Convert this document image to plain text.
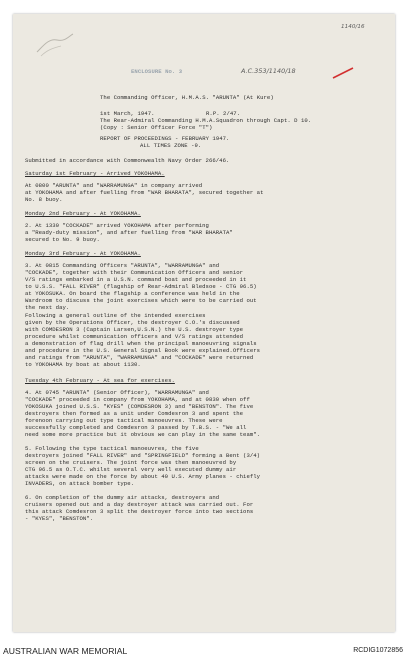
1140/16
ENCLOSURE No. 3	A.C.353/1140/18
The Commanding Officer, H.M.A.S. "ARUNTA" (At Kure)
1st March, 1947.	R.P. 2/47.
The Rear-Admiral Commanding H.M.A.Squadron through Capt. D 10.
(Copy : Senior Officer Force "T")
REPORT OF PROCEEDINGS - FEBRUARY 1947.
ALL TIMES ZONE -9.
Submitted in accordance with Commonwealth Navy Order 266/46.
Saturday 1st February - Arrived YOKOHAMA.
At 0800 "ARUNTA" and "WARRAMUNGA" in company arrived
at YOKOHAMA and after fuelling from "WAR BHARATA", secured together at
No. 8 buoy.
Monday 2nd February - At YOKOHAMA.
2. At 1330 "COCKADE" arrived YOKOHAMA after performing
a "Ready-duty mission", and after fuelling from "WAR BHARATA"
secured to No. 9 buoy.
Monday 3rd February - At YOKOHAMA.
3. At 0815 Commanding Officers "ARUNTA", "WARRAMUNGA" and
"COCKADE", together with their Communication Officers and senior
V/S ratings embarked in a U.S.N. command boat and proceeded in it
to U.S.S. "FALL RIVER" (flagship of Rear-Admiral Bledsoe - CTG 96.5)
at YOKOSUKA. On board the flagship a conference was held in the
Wardroom to discuss the joint exercises which were to be carried out
the next day.
Following a general outline of the intended exercises
given by the Operations Officer, the destroyer C.O.'s discussed
with COMDESRON 3 (Captain Larsen,U.S.N.) the U.S. destroyer type
procedure whilst communication officers and V/S ratings attended
a demonstration of flag drill when the principal manoeuvring signals
and procedure in the U.S. General Signal Book were explained.Officers
and ratings from "ARUNTA", "WARRAMUNGA" and "COCKADE" were returned
to YOKOHAMA by boat at about 1130.
Tuesday 4th February - At sea for exercises.
4. At 0745 "ARUNTA" (Senior Officer), "WARRAMUNGA" and
"COCKADE" proceeded in company from YOKOHAMA, and at 0830 when off
YOKOSUKA joined U.S.S. "KYES" (COMDESRON 3) and "BENSTON". The five
destroyers then formed as a unit under Comdesron 3 and spent the
forenoon carrying out type tactical manoeuvres. These were
successfully completed and Comdesron 3 passed by T.B.S. - "We all
need some more practice but it obvious we can play in the same team".
5. Following the type tactical manoeuvres, the five
destroyers joined "FALL RIVER" and "SPRINGFIELD" forming a Bent (3/4)
screen on the cruisers. The joint force was then manoeuvred by
CTG 96.5 as O.T.C. whilst several very well executed dummy air
attacks were made on the force by about 40 U.S. Army planes - chiefly
INVADERS, on attack bomber type.
6. On completion of the dummy air attacks, destroyers and
cruisers opened out and a day destroyer attack was carried out. For
this attack Comdesron 3 split the destroyer force into two sections
- "KYES", "BENSTON".
AUSTRALIAN WAR MEMORIAL	RCDIG1072856
